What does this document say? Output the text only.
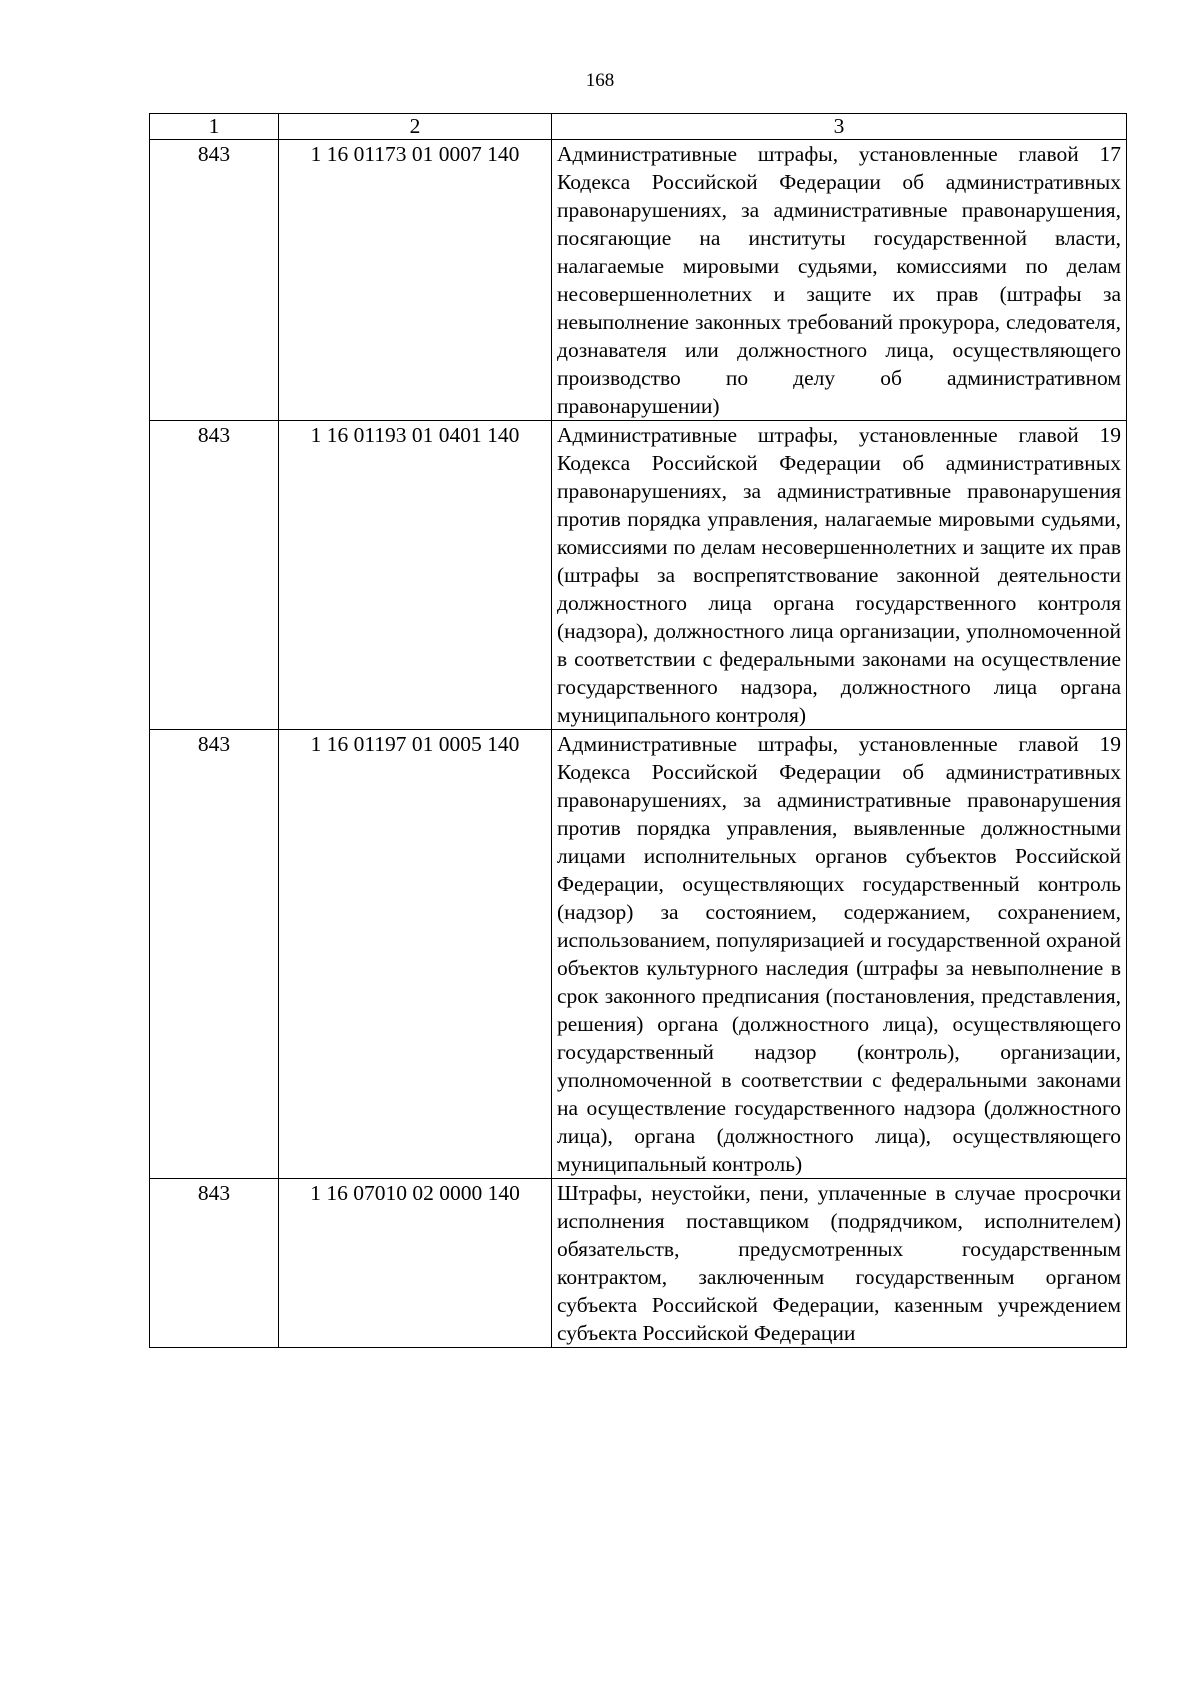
168
1	2	3
843	1 16 01173 01 0007 140	Административные штрафы, установленные главой 17 Кодекса Российской Федерации об административных правонарушениях, за административные правонарушения, посягающие на институты государственной власти, налагаемые мировыми судьями, комиссиями по делам несовершеннолетних и защите их прав (штрафы за невыполнение законных требований прокурора, следователя, дознавателя или должностного лица, осуществляющего производство по делу об административном правонарушении)
843	1 16 01193 01 0401 140	Административные штрафы, установленные главой 19 Кодекса Российской Федерации об административных правонарушениях, за административные правонарушения против порядка управления, налагаемые мировыми судьями, комиссиями по делам несовершеннолетних и защите их прав (штрафы за воспрепятствование законной деятельности должностного лица органа государственного контроля (надзора), должностного лица организации, уполномоченной в соответствии с федеральными законами на осуществление государственного надзора, должностного лица органа муниципального контроля)
843	1 16 01197 01 0005 140	Административные штрафы, установленные главой 19 Кодекса Российской Федерации об административных правонарушениях, за административные правонарушения против порядка управления, выявленные должностными лицами исполнительных органов субъектов Российской Федерации, осуществляющих государственный контроль (надзор) за состоянием, содержанием, сохранением, использованием, популяризацией и государственной охраной объектов культурного наследия (штрафы за невыполнение в срок законного предписания (постановления, представления, решения) органа (должностного лица), осуществляющего государственный надзор (контроль), организации, уполномоченной в соответствии с федеральными законами на осуществление государственного надзора (должностного лица), органа (должностного лица), осуществляющего муниципальный контроль)
843	1 16 07010 02 0000 140	Штрафы, неустойки, пени, уплаченные в случае просрочки исполнения поставщиком (подрядчиком, исполнителем) обязательств, предусмотренных государственным контрактом, заключенным государственным органом субъекта Российской Федерации, казенным учреждением субъекта Российской Федерации
